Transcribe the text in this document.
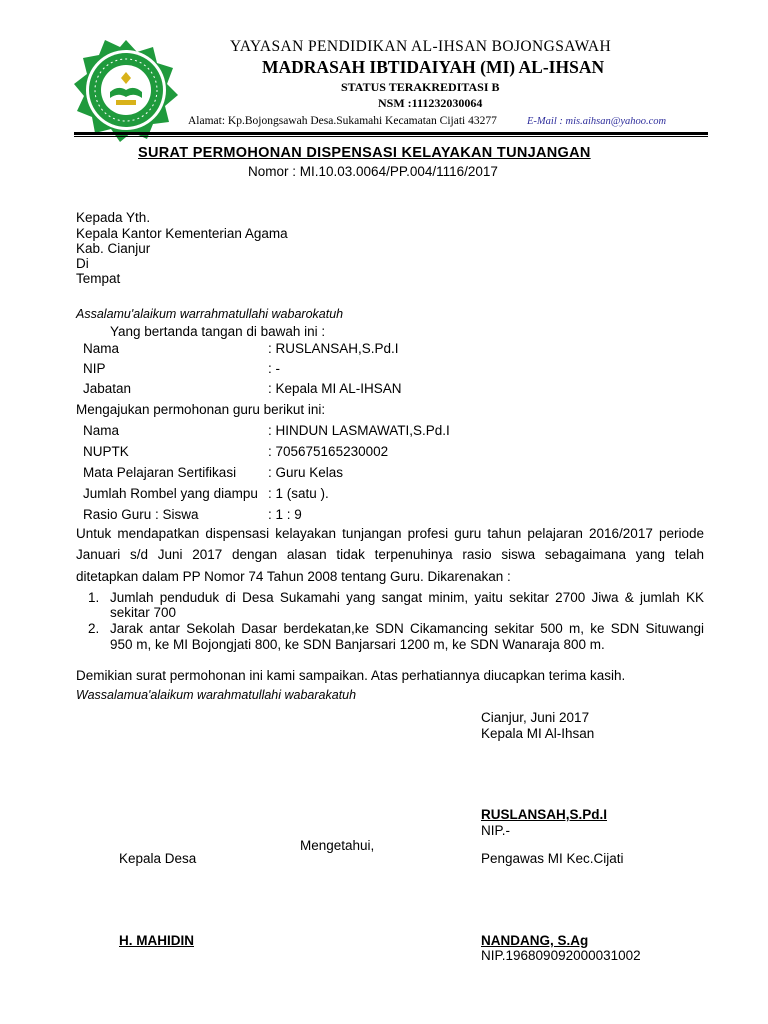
YAYASAN PENDIDIKAN AL-IHSAN BOJONGSAWAH
MADRASAH IBTIDAIYAH (MI) AL-IHSAN
STATUS TERAKREDITASI B
NSM :111232030064
Alamat: Kp.Bojongsawah Desa.Sukamahi Kecamatan Cijati 43277	E-Mail : mis.aihsan@yahoo.com
SURAT PERMOHONAN DISPENSASI KELAYAKAN TUNJANGAN
Nomor : MI.10.03.0064/PP.004/1116/2017
Kepada Yth.
Kepala Kantor Kementerian Agama
Kab. Cianjur
Di
Tempat
Assalamu'alaikum warrahmatullahi wabarokatuh
Yang bertanda tangan di bawah ini :
Nama	: RUSLANSAH,S.Pd.I
NIP	: -
Jabatan	: Kepala MI AL-IHSAN
Mengajukan permohonan guru berikut ini:
Nama	: HINDUN LASMAWATI,S.Pd.I
NUPTK	: 705675165230002
Mata Pelajaran Sertifikasi : Guru Kelas
Jumlah Rombel yang diampu : 1 (satu ).
Rasio Guru : Siswa	: 1 : 9
Untuk mendapatkan dispensasi kelayakan tunjangan profesi guru tahun pelajaran 2016/2017 periode
Januari s/d Juni 2017 dengan alasan tidak terpenuhinya rasio siswa sebagaimana yang telah
ditetapkan dalam PP Nomor 74 Tahun 2008 tentang Guru. Dikarenakan :
1. Jumlah penduduk di Desa Sukamahi yang sangat minim, yaitu sekitar 2700 Jiwa & jumlah KK
sekitar 700
2. Jarak antar Sekolah Dasar berdekatan,ke SDN Cikamancing sekitar 500 m, ke SDN Situwangi
950 m, ke MI Bojongjati 800, ke SDN Banjarsari 1200 m, ke SDN Wanaraja 800 m.
Demikian surat permohonan ini kami sampaikan. Atas perhatiannya diucapkan terima kasih.
Wassalamua'alaikum warahmatullahi wabarakatuh
Cianjur, Juni 2017
Kepala MI Al-Ihsan
RUSLANSAH,S.Pd.I
NIP.-
Mengetahui,
Kepala Desa	Pengawas MI Kec.Cijati
H. MAHIDIN	NANDANG, S.Ag
NIP.196809092000031002
